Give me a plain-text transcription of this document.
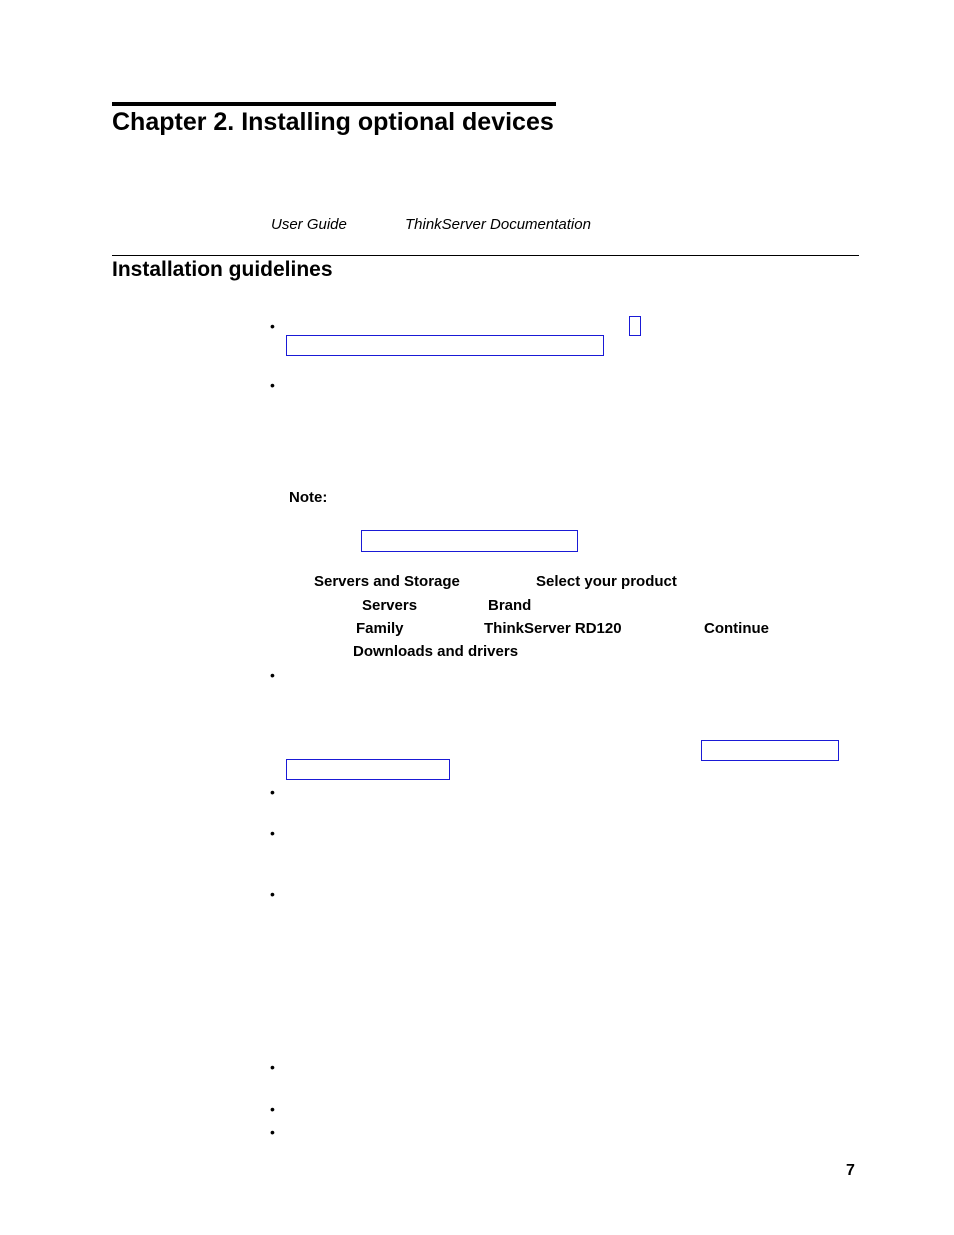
Chapter 2. Installing optional devices
User Guide	ThinkServer Documentation
Installation guidelines
•
•
Note:
Servers and Storage	Select your product
Servers	Brand
Family	ThinkServer RD120	Continue
Downloads and drivers
•
•
•
•
•
•
•
7
